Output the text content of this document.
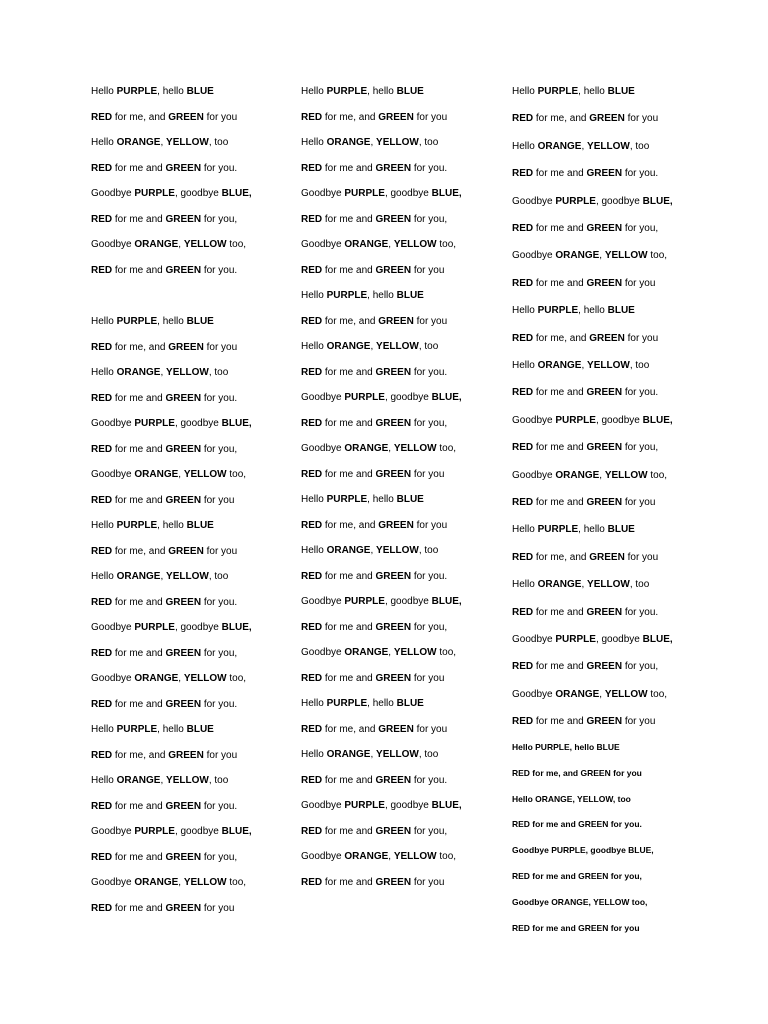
Hello PURPLE, hello BLUE
RED for me, and GREEN for you
Hello ORANGE, YELLOW, too
RED for me and GREEN for you.
Goodbye PURPLE, goodbye BLUE,
RED for me and GREEN for you,
Goodbye ORANGE, YELLOW too,
RED for me and GREEN for you.
Hello PURPLE, hello BLUE
RED for me, and GREEN for you
Hello ORANGE, YELLOW, too
RED for me and GREEN for you.
Goodbye PURPLE, goodbye BLUE,
RED for me and GREEN for you,
Goodbye ORANGE, YELLOW too,
RED for me and GREEN for you
Hello PURPLE, hello BLUE
RED for me, and GREEN for you
Hello ORANGE, YELLOW, too
RED for me and GREEN for you.
Goodbye PURPLE, goodbye BLUE,
RED for me and GREEN for you,
Goodbye ORANGE, YELLOW too,
RED for me and GREEN for you.
Hello PURPLE, hello BLUE
RED for me, and GREEN for you
Hello ORANGE, YELLOW, too
RED for me and GREEN for you.
Goodbye PURPLE, goodbye BLUE,
RED for me and GREEN for you,
Goodbye ORANGE, YELLOW too,
RED for me and GREEN for you
Hello PURPLE, hello BLUE
RED for me, and GREEN for you
Hello ORANGE, YELLOW, too
RED for me and GREEN for you.
Goodbye PURPLE, goodbye BLUE,
RED for me and GREEN for you,
Goodbye ORANGE, YELLOW too,
RED for me and GREEN for you
Hello PURPLE, hello BLUE
RED for me, and GREEN for you
Hello ORANGE, YELLOW, too
RED for me and GREEN for you.
Goodbye PURPLE, goodbye BLUE,
RED for me and GREEN for you,
Goodbye ORANGE, YELLOW too,
RED for me and GREEN for you
Hello PURPLE, hello BLUE
RED for me, and GREEN for you
Hello ORANGE, YELLOW, too
RED for me and GREEN for you.
Goodbye PURPLE, goodbye BLUE,
RED for me and GREEN for you,
Goodbye ORANGE, YELLOW too,
RED for me and GREEN for you
Hello PURPLE, hello BLUE
RED for me, and GREEN for you
Hello ORANGE, YELLOW, too
RED for me and GREEN for you.
Goodbye PURPLE, goodbye BLUE,
RED for me and GREEN for you,
Goodbye ORANGE, YELLOW too,
RED for me and GREEN for you
Hello PURPLE, hello BLUE
RED for me, and GREEN for you
Hello ORANGE, YELLOW, too
RED for me and GREEN for you.
Goodbye PURPLE, goodbye BLUE,
RED for me and GREEN for you,
Goodbye ORANGE, YELLOW too,
RED for me and GREEN for you
Hello PURPLE, hello BLUE
RED for me, and GREEN for you
Hello ORANGE, YELLOW, too
RED for me and GREEN for you.
Goodbye PURPLE, goodbye BLUE,
RED for me and GREEN for you,
Goodbye ORANGE, YELLOW too,
RED for me and GREEN for you
Hello PURPLE, hello BLUE
RED for me, and GREEN for you
Hello ORANGE, YELLOW, too
RED for me and GREEN for you.
Goodbye PURPLE, goodbye BLUE,
RED for me and GREEN for you,
Goodbye ORANGE, YELLOW too,
RED for me and GREEN for you
Hello PURPLE, hello BLUE
RED for me, and GREEN for you
Hello ORANGE, YELLOW, too
RED for me and GREEN for you.
Goodbye PURPLE, goodbye BLUE,
RED for me and GREEN for you,
Goodbye ORANGE, YELLOW too,
RED for me and GREEN for you
